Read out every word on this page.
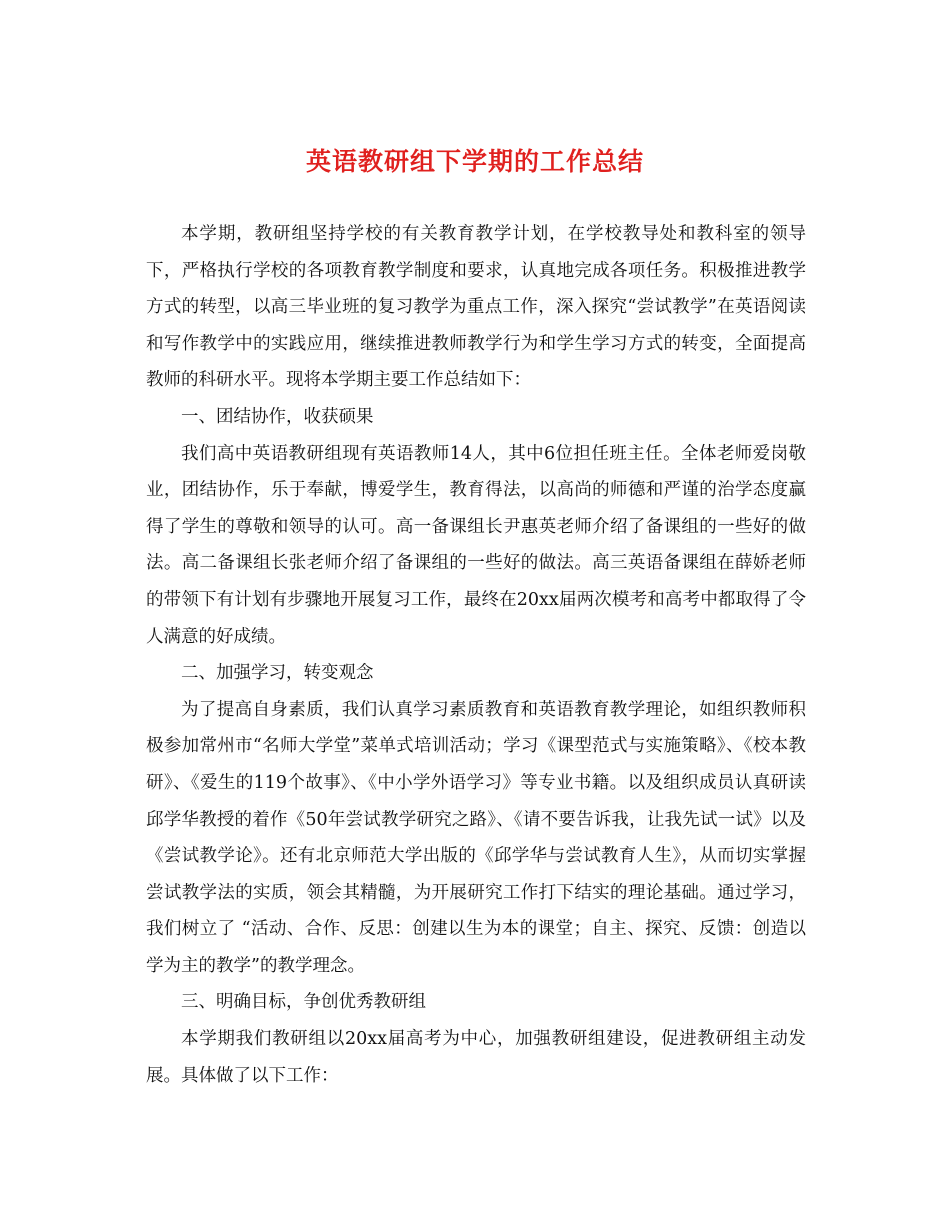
英语教研组下学期的工作总结

本学期，教研组坚持学校的有关教育教学计划，在学校教导处和教科室的领导下，严格执行学校的各项教育教学制度和要求，认真地完成各项任务。积极推进教学方式的转型，以高三毕业班的复习教学为重点工作，深入探究“尝试教学”在英语阅读和写作教学中的实践应用，继续推进教师教学行为和学生学习方式的转变，全面提高教师的科研水平。现将本学期主要工作总结如下：

一、团结协作，收获硕果

我们高中英语教研组现有英语教师14人，其中6位担任班主任。全体老师爱岗敬业，团结协作，乐于奉献，博爱学生，教育得法，以高尚的师德和严谨的治学态度赢得了学生的尊敬和领导的认可。高一备课组长尹惠英老师介绍了备课组的一些好的做法。高二备课组长张老师介绍了备课组的一些好的做法。高三英语备课组在薛娇老师的带领下有计划有步骤地开展复习工作，最终在20xx届两次模考和高考中都取得了令人满意的好成绩。

二、加强学习，转变观念

为了提高自身素质，我们认真学习素质教育和英语教育教学理论，如组织教师积极参加常州市“名师大学堂”菜单式培训活动；学习《课型范式与实施策略》、《校本教研》、《爱生的119个故事》、《中小学外语学习》等专业书籍。以及组织成员认真研读邱学华教授的着作《50年尝试教学研究之路》、《请不要告诉我，让我先试一试》以及《尝试教学论》。还有北京师范大学出版的《邱学华与尝试教育人生》，从而切实掌握尝试教学法的实质，领会其精髓，为开展研究工作打下结实的理论基础。通过学习，我们树立了 “活动、合作、反思：创建以生为本的课堂；自主、探究、反馈：创造以学为主的教学”的教学理念。

三、明确目标，争创优秀教研组

本学期我们教研组以20xx届高考为中心，加强教研组建设，促进教研组主动发展。具体做了以下工作：
